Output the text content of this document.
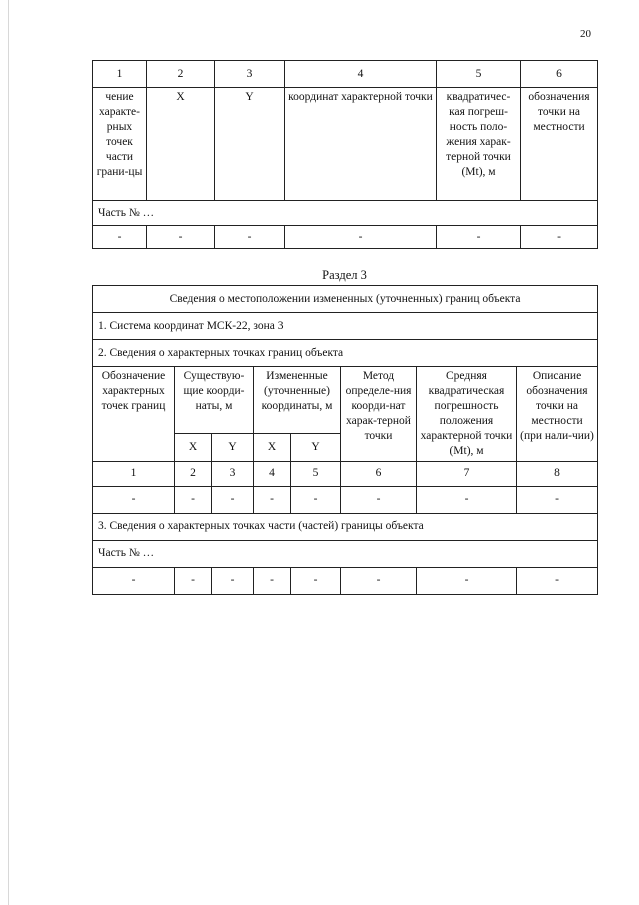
20
1	2	3	4	5	6
чение характе-рных точек части грани-цы	X	Y	координат характерной точки	квадратичес-кая погреш-ность поло-жения харак-терной точки (Mt), м	обозначения точки на местности
Часть № …					
-	-	-	-	-	-
Раздел 3
Сведения о местоположении измененных (уточненных) границ объекта							
1. Система координат МСК-22, зона 3							
2. Сведения о характерных точках границ объекта							
Обозначение характерных точек границ	Существую-щие коорди-наты, м		Измененные (уточненные) координаты, м		Метод определе-ния коорди-нат харак-терной точки	Средняя квадратическая погрешность положения характерной точки (Mt), м	Описание обозначения точки на местности (при нали-чии)
	X	Y	X	Y			
1	2	3	4	5	6	7	8
-	-	-	-	-	-	-	-
3. Сведения о характерных точках части (частей) границы объекта							
Часть № …							
-	-	-	-	-	-	-	-
